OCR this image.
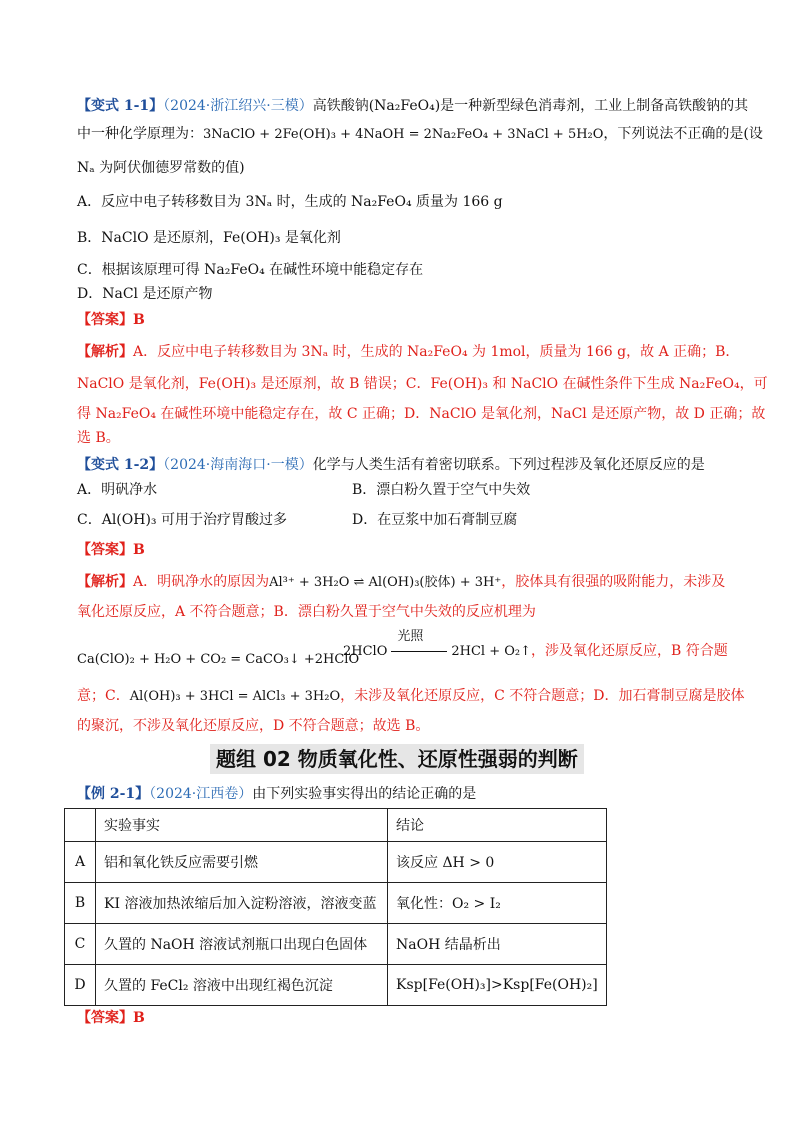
【变式 1-1】（2024·浙江绍兴·三模）高铁酸钠(Na₂FeO₄)是一种新型绿色消毒剂，工业上制备高铁酸钠的其
中一种化学原理为：3NaClO + 2Fe(OH)₃ + 4NaOH = 2Na₂FeO₄ + 3NaCl + 5H₂O，下列说法不正确的是(设
Nₐ 为阿伏伽德罗常数的值)
A．反应中电子转移数目为 3Nₐ 时，生成的 Na₂FeO₄ 质量为 166 g
B．NaClO 是还原剂，Fe(OH)₃ 是氧化剂
C．根据该原理可得 Na₂FeO₄ 在碱性环境中能稳定存在
D．NaCl 是还原产物
【答案】B
【解析】A．反应中电子转移数目为 3Nₐ 时，生成的 Na₂FeO₄ 为 1mol，质量为 166 g，故 A 正确；B．
NaClO 是氧化剂，Fe(OH)₃ 是还原剂，故 B 错误；C．Fe(OH)₃ 和 NaClO 在碱性条件下生成 Na₂FeO₄，可
得 Na₂FeO₄ 在碱性环境中能稳定存在，故 C 正确；D．NaClO 是氧化剂，NaCl 是还原产物，故 D 正确；故
选 B。
【变式 1-2】（2024·海南海口·一模）化学与人类生活有着密切联系。下列过程涉及氧化还原反应的是
A．明矾净水	B．漂白粉久置于空气中失效
C．Al(OH)₃ 可用于治疗胃酸过多	D．在豆浆中加石膏制豆腐
【答案】B
【解析】A．明矾净水的原因为Al³⁺ + 3H₂O ⇌ Al(OH)₃(胶体) + 3H⁺，胶体具有很强的吸附能力，未涉及
氧化还原反应，A 不符合题意；B．漂白粉久置于空气中失效的反应机理为
Ca(ClO)₂ + H₂O + CO₂ = CaCO₃↓ +2HClO
2HClO
光照
2HCl + O₂↑，涉及氧化还原反应，B 符合题
意；C．Al(OH)₃ + 3HCl = AlCl₃ + 3H₂O，未涉及氧化还原反应，C 不符合题意；D．加石膏制豆腐是胶体
的聚沉，不涉及氧化还原反应，D 不符合题意；故选 B。
题组 02 物质氧化性、还原性强弱的判断
【例 2-1】（2024·江西卷）由下列实验事实得出的结论正确的是
	实验事实	结论
A	铝和氧化铁反应需要引燃	该反应 ΔH > 0
B	KI 溶液加热浓缩后加入淀粉溶液，溶液变蓝	氧化性：O₂ > I₂
C	久置的 NaOH 溶液试剂瓶口出现白色固体	NaOH 结晶析出
D	久置的 FeCl₂ 溶液中出现红褐色沉淀	Ksp[Fe(OH)₃]>Ksp[Fe(OH)₂]
【答案】B
